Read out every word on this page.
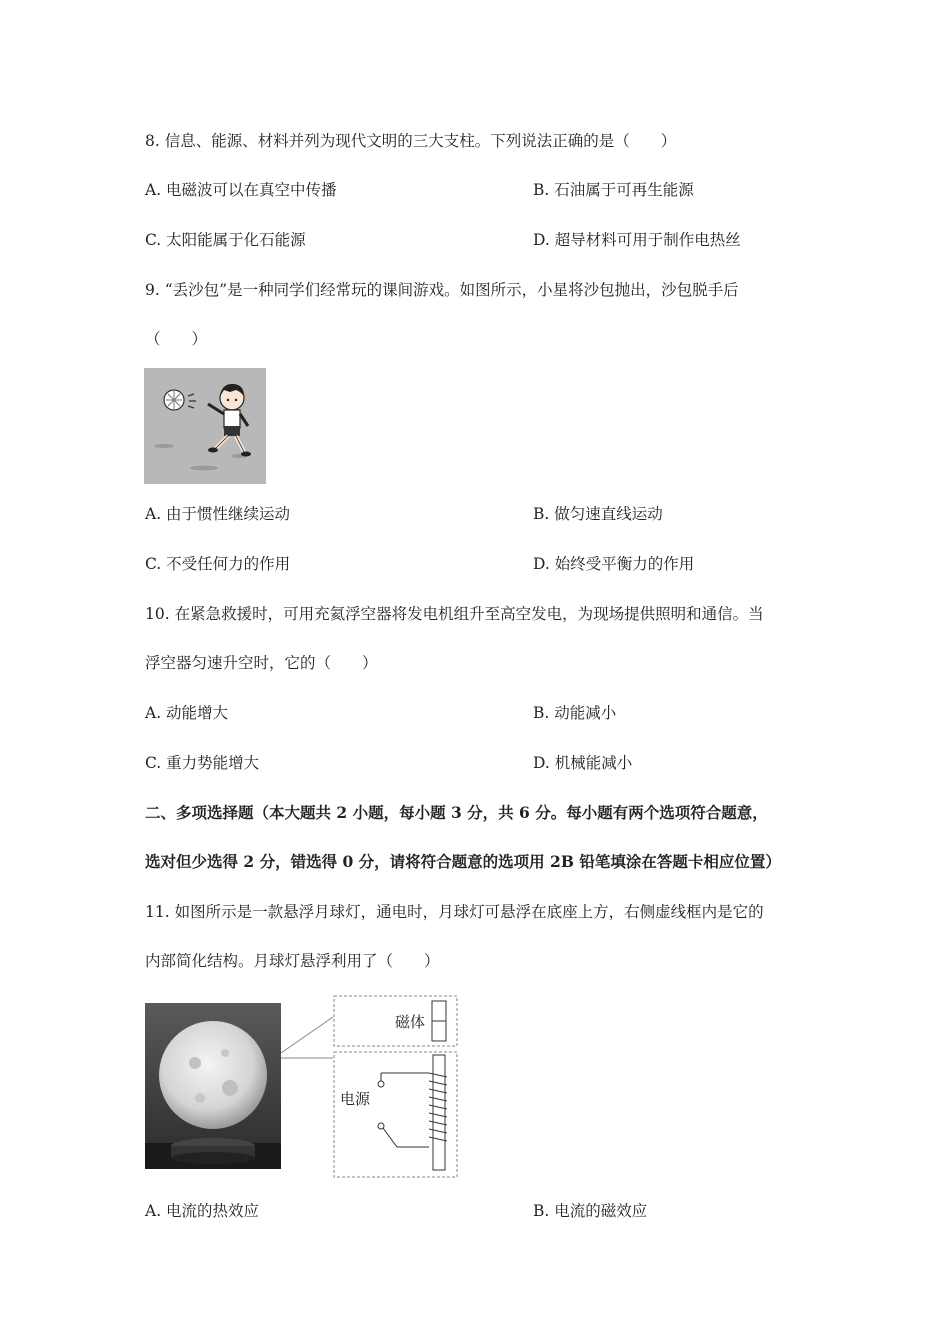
8. 信息、能源、材料并列为现代文明的三大支柱。下列说法正确的是（　　）
A. 电磁波可以在真空中传播	B. 石油属于可再生能源
C. 太阳能属于化石能源	D. 超导材料可用于制作电热丝
9. “丢沙包”是一种同学们经常玩的课间游戏。如图所示，小星将沙包抛出，沙包脱手后
（　　）
A. 由于惯性继续运动	B. 做匀速直线运动
C. 不受任何力的作用	D. 始终受平衡力的作用
10. 在紧急救援时，可用充氦浮空器将发电机组升至高空发电，为现场提供照明和通信。当
浮空器匀速升空时，它的（　　）
A. 动能增大	B. 动能减小
C. 重力势能增大	D. 机械能减小
二、多项选择题（本大题共 2 小题，每小题 3 分，共 6 分。每小题有两个选项符合题意，
选对但少选得 2 分，错选得 0 分，请将符合题意的选项用 2B 铅笔填涂在答题卡相应位置）
11. 如图所示是一款悬浮月球灯，通电时，月球灯可悬浮在底座上方，右侧虚线框内是它的
内部简化结构。月球灯悬浮利用了（　　）
磁体
电源
A. 电流的热效应	B. 电流的磁效应
